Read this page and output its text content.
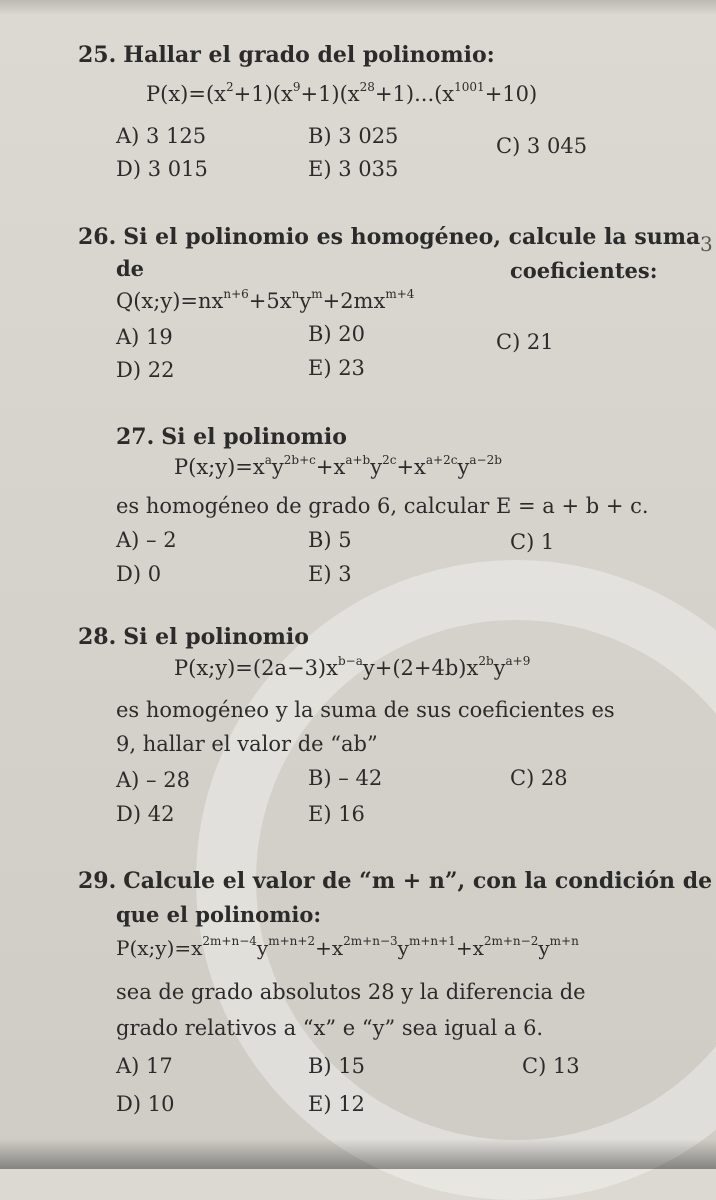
25. Hallar el grado del polinomio:
$P(x)=(x^2+1)(x^9+1)(x^{28}+1)...(x^{1001}+10)$
A) 3 125	B) 3 025	C) 3 045
D) 3 015	E) 3 035
26. Si el polinomio es homogéneo, calcule la suma 3
de	coeficientes:
$Q(x;y)=nx^{n+6}+5x^ny^m+2mx^{m+4}$
A) 19	B) 20	C) 21
D) 22	E) 23
27. Si el polinomio
$P(x;y)=x^ay^{2b+c}+x^{a+b}y^{2c}+x^{a+2c}y^{a-2b}$
es homogéneo de grado 6, calcular E = a + b + c.
A) – 2	B) 5	C) 1
D) 0	E) 3
28. Si el polinomio
$P(x;y)=(2a-3)x^{b-a}y+(2+4b)x^{2b}y^{a+9}$
es homogéneo y la suma de sus coeficientes es
9, hallar el valor de “ab”
A) – 28	B) – 42	C) 28
D) 42	E) 16
29. Calcule el valor de “m + n”, con la condición de
que el polinomio:
$P(x;y)=x^{2m+n-4}y^{m+n+2}+x^{2m+n-3}y^{m+n+1}+x^{2m+n-2}y^{m+n}$
sea de grado absolutos 28 y la diferencia de
grado relativos a “x” e “y” sea igual a 6.
A) 17	B) 15	C) 13
D) 10	E) 12
